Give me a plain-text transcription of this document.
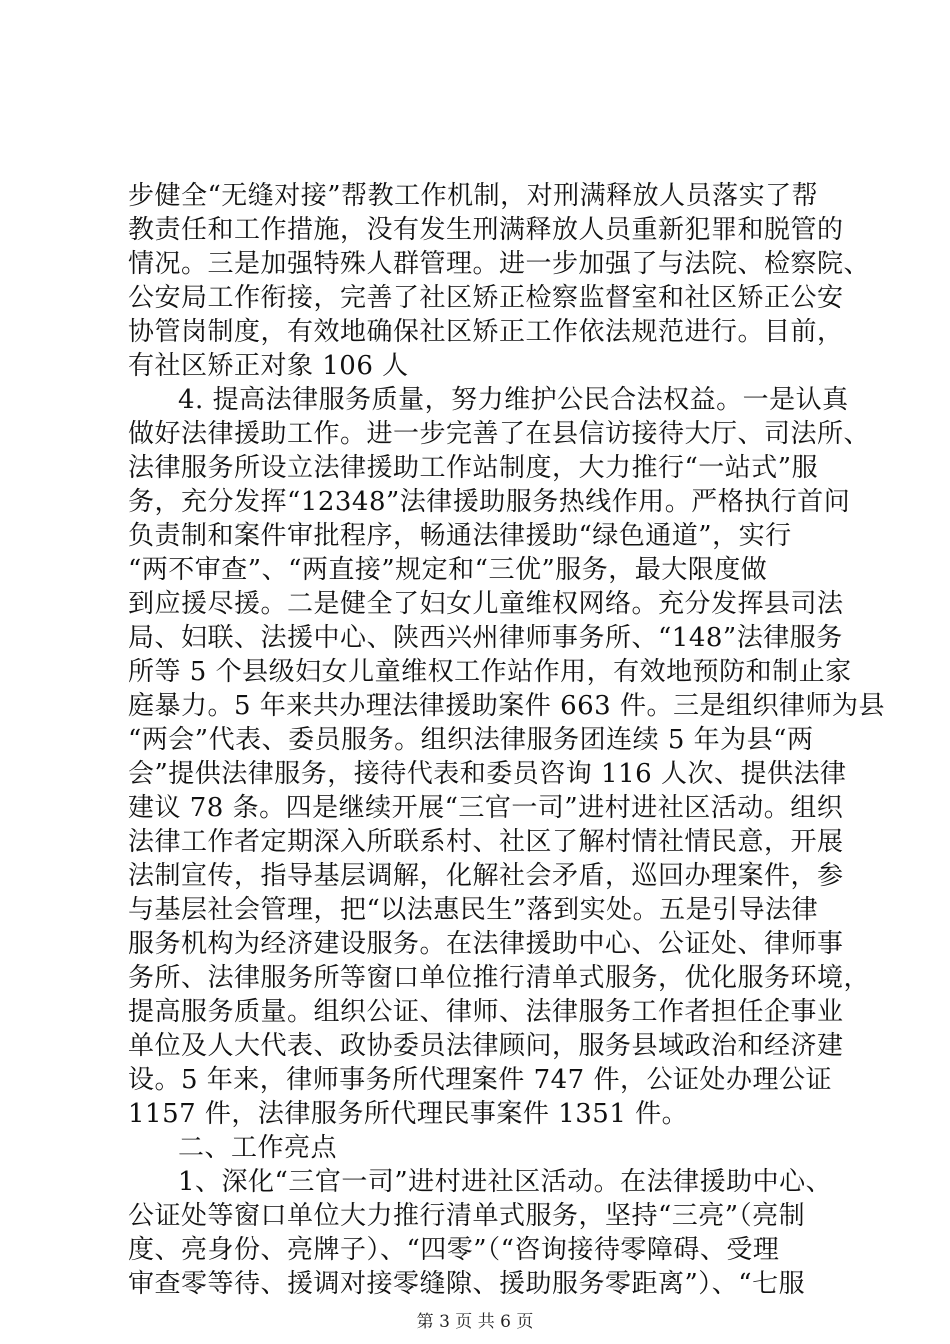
步健全“无缝对接”帮教工作机制，对刑满释放人员落实了帮
教责任和工作措施，没有发生刑满释放人员重新犯罪和脱管的
情况。三是加强特殊人群管理。进一步加强了与法院、检察院、
公安局工作衔接，完善了社区矫正检察监督室和社区矫正公安
协管岗制度，有效地确保社区矫正工作依法规范进行。目前，
有社区矫正对象 106 人
4. 提高法律服务质量，努力维护公民合法权益。一是认真
做好法律援助工作。进一步完善了在县信访接待大厅、司法所、
法律服务所设立法律援助工作站制度，大力推行“一站式”服
务，充分发挥“12348”法律援助服务热线作用。严格执行首问
负责制和案件审批程序，畅通法律援助“绿色通道”，实行
“两不审查”、“两直接”规定和“三优”服务，最大限度做
到应援尽援。二是健全了妇女儿童维权网络。充分发挥县司法
局、妇联、法援中心、陕西兴州律师事务所、“148”法律服务
所等 5 个县级妇女儿童维权工作站作用，有效地预防和制止家
庭暴力。5 年来共办理法律援助案件 663 件。三是组织律师为县
“两会”代表、委员服务。组织法律服务团连续 5 年为县“两
会”提供法律服务，接待代表和委员咨询 116 人次、提供法律
建议 78 条。四是继续开展“三官一司”进村进社区活动。组织
法律工作者定期深入所联系村、社区了解村情社情民意，开展
法制宣传，指导基层调解，化解社会矛盾，巡回办理案件，参
与基层社会管理，把“以法惠民生”落到实处。五是引导法律
服务机构为经济建设服务。在法律援助中心、公证处、律师事
务所、法律服务所等窗口单位推行清单式服务，优化服务环境，
提高服务质量。组织公证、律师、法律服务工作者担任企事业
单位及人大代表、政协委员法律顾问，服务县域政治和经济建
设。5 年来，律师事务所代理案件 747 件，公证处办理公证
1157 件，法律服务所代理民事案件 1351 件。
二、工作亮点
1、深化“三官一司”进村进社区活动。在法律援助中心、
公证处等窗口单位大力推行清单式服务，坚持“三亮”（亮制
度、亮身份、亮牌子）、“四零”（“咨询接待零障碍、受理
审查零等待、援调对接零缝隙、援助服务零距离”）、“七服
第 3 页 共 6 页
